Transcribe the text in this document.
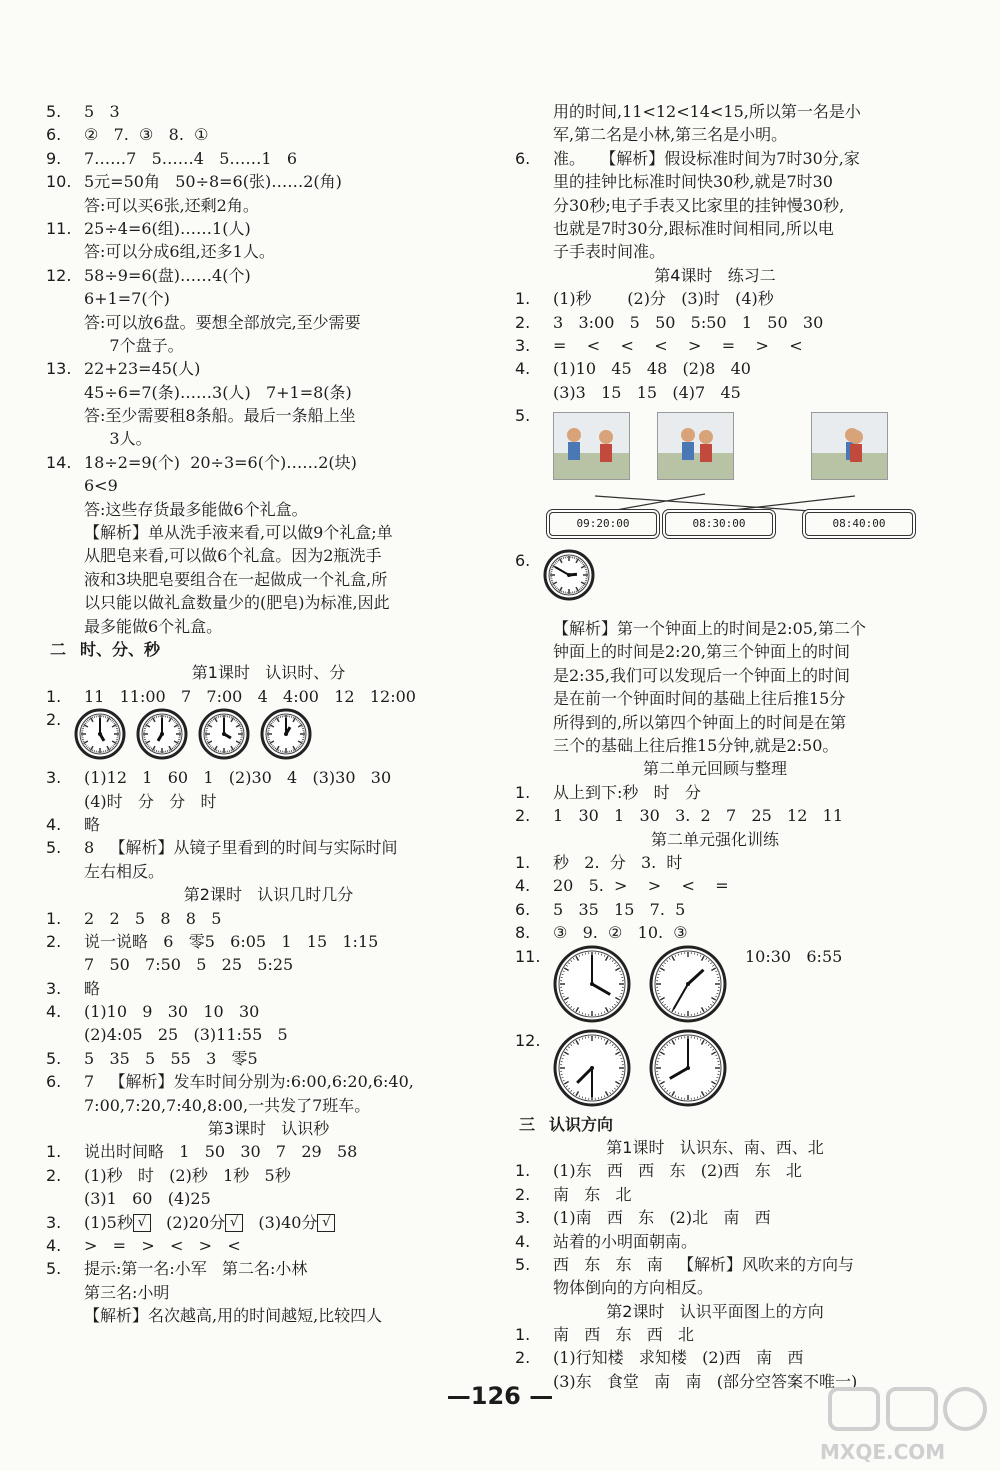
5. 5   3
6. ②   7.  ③   8.  ①
9. 7……7   5……4   5……1   6
10. 5元=50角   50÷8=6(张)……2(角)
答:可以买6张,还剩2角。
11. 25÷4=6(组)……1(人)
答:可以分成6组,还多1人。
12. 58÷9=6(盘)……4(个)
6+1=7(个)
答:可以放6盘。要想全部放完,至少需要
7个盘子。
13. 22+23=45(人)
45÷6=7(条)……3(人)   7+1=8(条)
答:至少需要租8条船。最后一条船上坐
3人。
14. 18÷2=9(个)  20÷3=6(个)……2(块)
6<9
答:这些存货最多能做6个礼盒。
【解析】单从洗手液来看,可以做9个礼盒;单
从肥皂来看,可以做6个礼盒。因为2瓶洗手
液和3块肥皂要组合在一起做成一个礼盒,所
以只能以做礼盒数量少的(肥皂)为标准,因此
最多能做6个礼盒。
二 时、分、秒
第1课时   认识时、分
1. 11   11:00   7   7:00   4   4:00   12   12:00
2.
3. (1)12   1   60   1   (2)30   4   (3)30   30
(4)时   分   分   时
4. 略
5. 8   【解析】从镜子里看到的时间与实际时间
左右相反。
第2课时   认识几时几分
1. 2   2   5   8   8   5
2. 说一说略   6   零5   6:05   1   15   1:15
7   50   7:50   5   25   5:25
3. 略
4. (1)10   9   30   10   30
(2)4:05   25   (3)11:55   5
5. 5   35   5   55   3   零5
6. 7   【解析】发车时间分别为:6:00,6:20,6:40,
7:00,7:20,7:40,8:00,一共发了7班车。
第3课时   认识秒
1. 说出时间略   1   50   30   7   29   58
2. (1)秒   时   (2)秒   1秒   5秒
(3)1   60   (4)25
3. (1)5秒 √ (2)20分 √ (3)40分 √
4. >   =   >   <   >   <
5. 提示:第一名:小军   第二名:小林
第三名:小明
【解析】名次越高,用的时间越短,比较四人
用的时间,11<12<14<15,所以第一名是小
军,第二名是小林,第三名是小明。
6. 准。   【解析】假设标准时间为7时30分,家
里的挂钟比标准时间快30秒,就是7时30
分30秒;电子手表又比家里的挂钟慢30秒,
也就是7时30分,跟标准时间相同,所以电
子手表时间准。
第4课时   练习二
1. (1)秒       (2)分   (3)时   (4)秒
2. 3   3:00   5   50   5:50   1   50   30
3. =    <    <    <    >    =    >    <
4. (1)10   45   48   (2)8   40
(3)3   15   15   (4)7   45
5.
09:20:00	08:30:00	08:40:00
6.
【解析】第一个钟面上的时间是2:05,第二个
钟面上的时间是2:20,第三个钟面上的时间
是2:35,我们可以发现后一个钟面上的时间
是在前一个钟面时间的基础上往后推15分
所得到的,所以第四个钟面上的时间是在第
三个的基础上往后推15分钟,就是2:50。
第二单元回顾与整理
1. 从上到下:秒   时   分
2. 1   30   1   30   3.  2   7   25   12   11
第二单元强化训练
1. 秒   2.  分   3.  时
4. 20   5.  >    >    <    =
6. 5   35   15   7.  5
8. ③   9.  ②   10.  ③
11.	10:30   6:55
12.
三 认识方向
第1课时   认识东、南、西、北
1. (1)东   西   西   东   (2)西   东   北
2. 南   东   北
3. (1)南   西   东   (2)北   南   西
4. 站着的小明面朝南。
5. 西   东   东   南   【解析】风吹来的方向与
物体倒向的方向相反。
第2课时   认识平面图上的方向
1. 南   西   东   西   北
2. (1)行知楼   求知楼   (2)西   南   西
(3)东   食堂   南   南   (部分空答案不唯一)
—126 —
MXQE.COM
